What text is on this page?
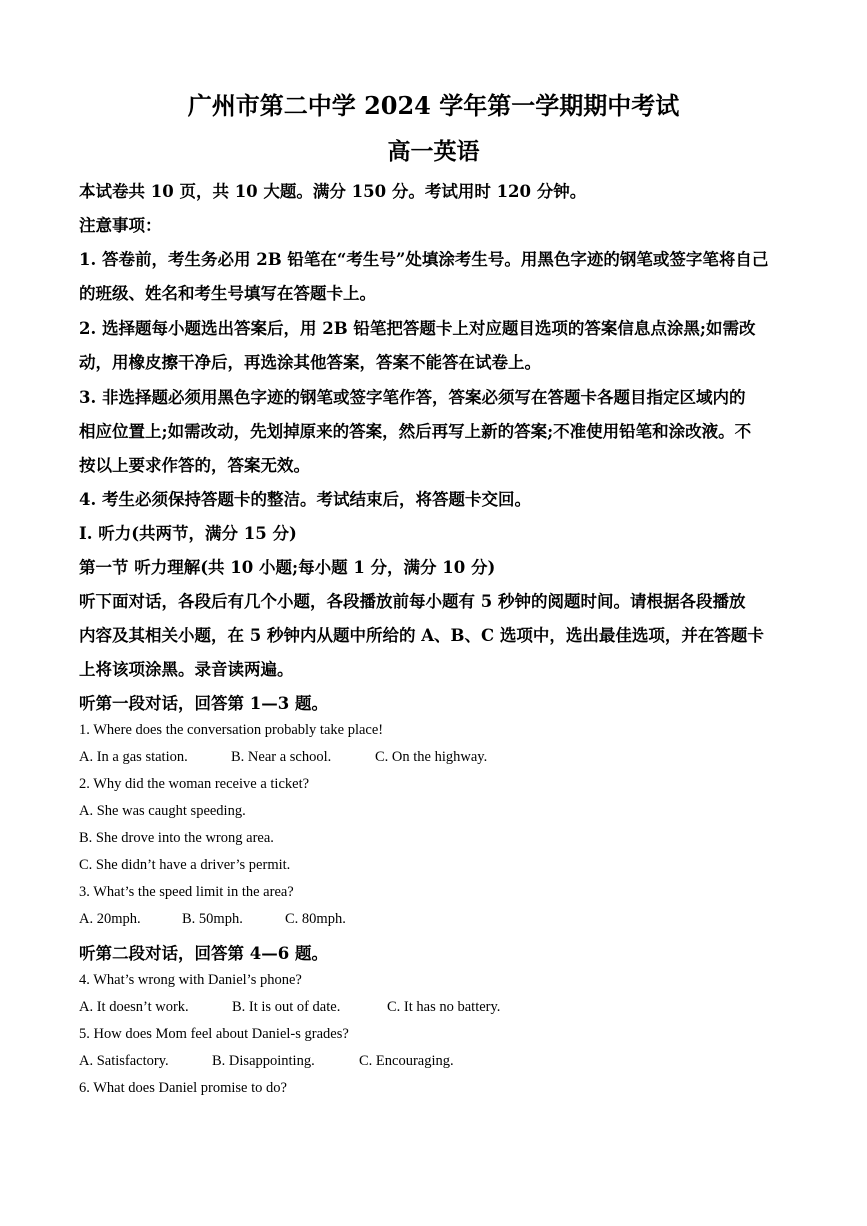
广州市第二中学 2024 学年第一学期期中考试
高一英语
本试卷共 10 页，共 10 大题。满分 150 分。考试用时 120 分钟。
注意事项：
1. 答卷前，考生务必用 2B 铅笔在“考生号”处填涂考生号。用黑色字迹的钢笔或签字笔将自己
的班级、姓名和考生号填写在答题卡上。
2. 选择题每小题选出答案后，用 2B 铅笔把答题卡上对应题目选项的答案信息点涂黑;如需改
动，用橡皮擦干净后，再选涂其他答案，答案不能答在试卷上。
3. 非选择题必须用黑色字迹的钢笔或签字笔作答，答案必须写在答题卡各题目指定区域内的
相应位置上;如需改动，先划掉原来的答案，然后再写上新的答案;不准使用铅笔和涂改液。不
按以上要求作答的，答案无效。
4. 考生必须保持答题卡的整洁。考试结束后，将答题卡交回。
Ⅰ. 听力(共两节，满分 15 分)
第一节 听力理解(共 10 小题;每小题 1 分，满分 10 分)
听下面对话，各段后有几个小题，各段播放前每小题有 5 秒钟的阅题时间。请根据各段播放
内容及其相关小题，在 5 秒钟内从题中所给的 A、B、C 选项中，选出最佳选项，并在答题卡
上将该项涂黑。录音读两遍。
听第一段对话，回答第 1—3 题。
1. Where does the conversation probably take place!
A. In a gas station.	B. Near a school.	C. On the highway.
2. Why did the woman receive a ticket?
A. She was caught speeding.
B. She drove into the wrong area.
C. She didn’t have a driver’s permit.
3. What’s the speed limit in the area?
A. 20mph.	B. 50mph.	C. 80mph.
听第二段对话，回答第 4—6 题。
4. What’s wrong with Daniel’s phone?
A. It doesn’t work.	B. It is out of date.	C. It has no battery.
5. How does Mom feel about Daniel-s grades?
A. Satisfactory.	B. Disappointing.	C. Encouraging.
6. What does Daniel promise to do?
